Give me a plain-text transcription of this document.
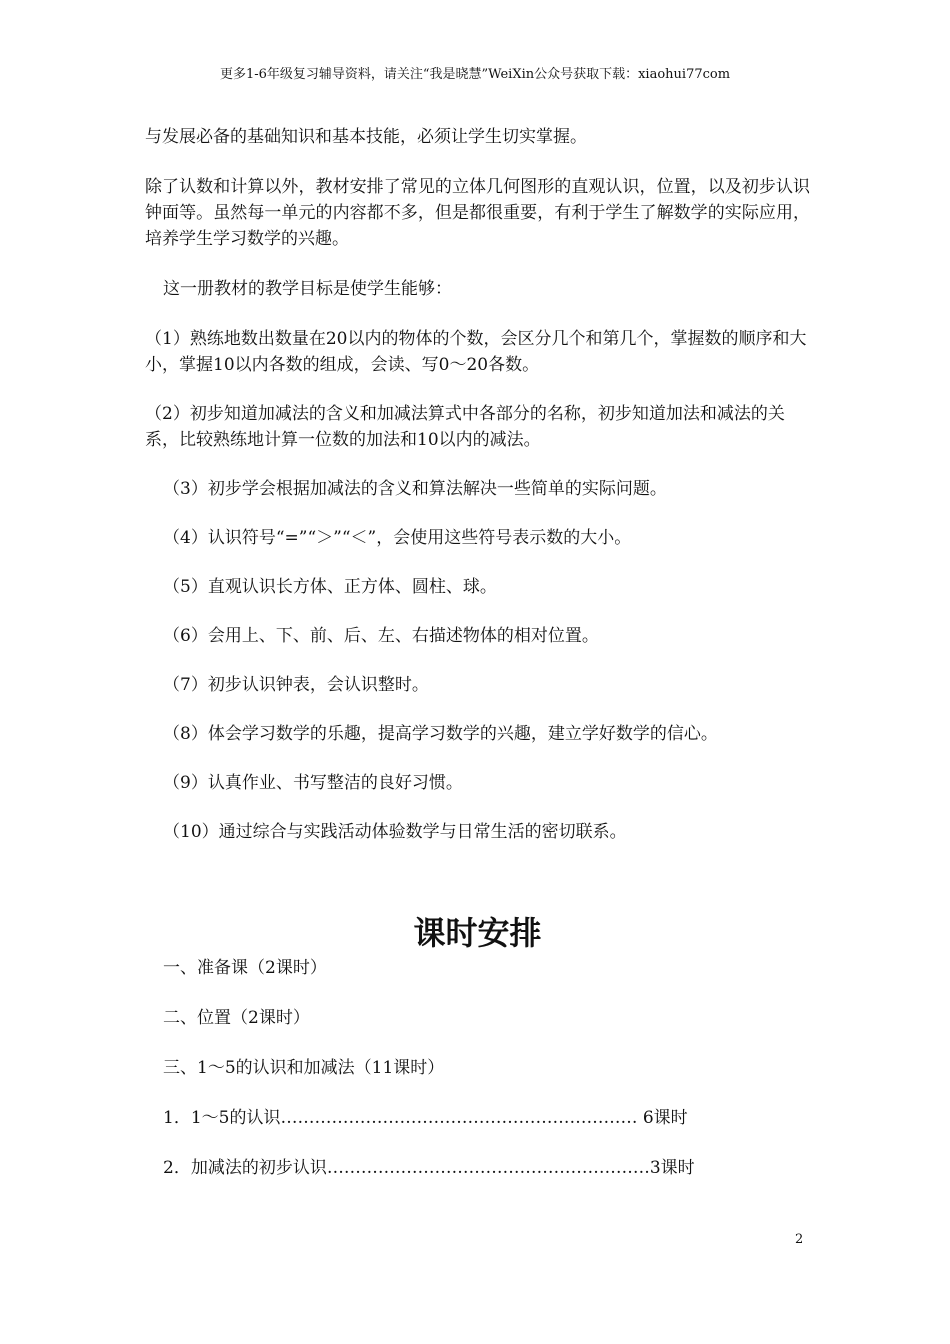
更多1-6年级复习辅导资料，请关注“我是晓慧”WeiXin公众号获取下载：xiaohui77com

与发展必备的基础知识和基本技能，必须让学生切实掌握。

除了认数和计算以外，教材安排了常见的立体几何图形的直观认识，位置，以及初步认识钟面等。虽然每一单元的内容都不多，但是都很重要，有利于学生了解数学的实际应用，培养学生学习数学的兴趣。

这一册教材的教学目标是使学生能够：

（1）熟练地数出数量在20以内的物体的个数，会区分几个和第几个，掌握数的顺序和大小，掌握10以内各数的组成，会读、写0～20各数。

（2）初步知道加减法的含义和加减法算式中各部分的名称，初步知道加法和减法的关系，比较熟练地计算一位数的加法和10以内的减法。

（3）初步学会根据加减法的含义和算法解决一些简单的实际问题。

（4）认识符号“=”“＞”“＜”，会使用这些符号表示数的大小。

（5）直观认识长方体、正方体、圆柱、球。

（6）会用上、下、前、后、左、右描述物体的相对位置。

（7）初步认识钟表，会认识整时。

（8）体会学习数学的乐趣，提高学习数学的兴趣，建立学好数学的信心。

（9）认真作业、书写整洁的良好习惯。

（10）通过综合与实践活动体验数学与日常生活的密切联系。

课时安排

一、准备课（2课时）

二、位置（2课时）

三、1～5的认识和加减法（11课时）

1．1～5的认识……………………………………………………… 6课时

2．加减法的初步认识…………………………………………………3课时

2
